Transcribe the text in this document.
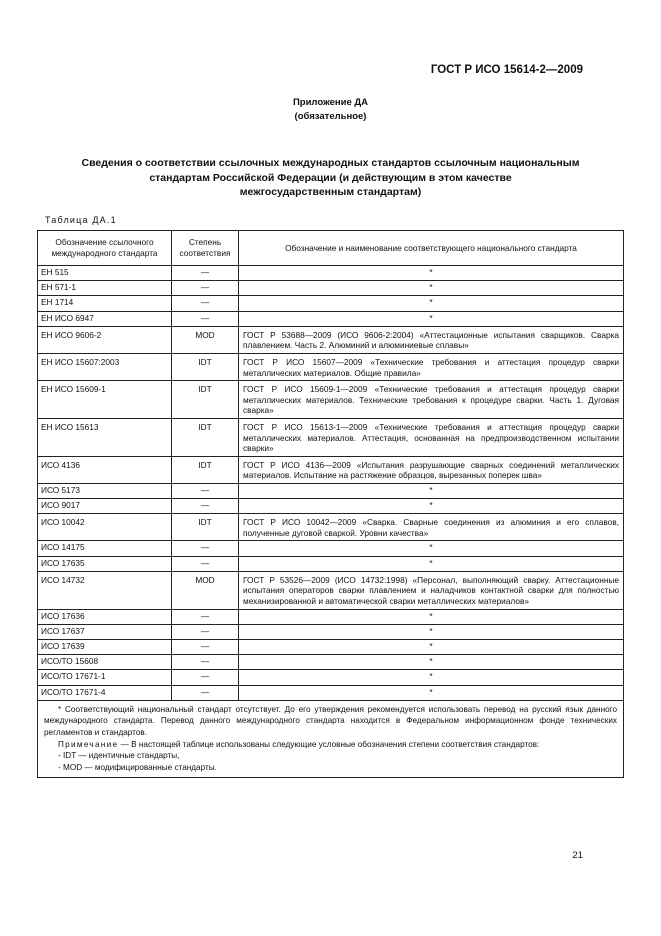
ГОСТ Р ИСО 15614-2—2009
Приложение ДА
(обязательное)
Сведения о соответствии ссылочных международных стандартов ссылочным национальным
стандартам Российской Федерации (и действующим в этом качестве
межгосударственным стандартам)
Таблица ДА.1
Обозначение ссылочного международного стандарта	Степень соответствия	Обозначение и наименование соответствующего национального стандарта
ЕН 515	—	*
ЕН 571-1	—	*
ЕН 1714	—	*
ЕН ИСО 6947	—	*
ЕН ИСО 9606-2	MOD	ГОСТ Р 53688—2009 (ИСО 9606-2:2004) «Аттестационные испытания сварщиков. Сварка плавлением. Часть 2. Алюминий и алюминиевые сплавы»
ЕН ИСО 15607:2003	IDT	ГОСТ Р ИСО 15607—2009 «Технические требования и аттестация процедур сварки металлических материалов. Общие правила»
ЕН ИСО 15609-1	IDT	ГОСТ Р ИСО 15609-1—2009 «Технические требования и аттестация процедур сварки металлических материалов. Технические требования к процедуре сварки. Часть 1. Дуговая сварка»
ЕН ИСО 15613	IDT	ГОСТ Р ИСО 15613-1—2009 «Технические требования и аттестация процедур сварки металлических материалов. Аттестация, основанная на предпроизводственном испытании сварки»
ИСО 4136	IDT	ГОСТ Р ИСО 4136—2009 «Испытания разрушающие сварных соединений металлических материалов. Испытание на растяжение образцов, вырезанных поперек шва»
ИСО 5173	—	*
ИСО 9017	—	*
ИСО 10042	IDT	ГОСТ Р ИСО 10042—2009 «Сварка. Сварные соединения из алюминия и его сплавов, полученные дуговой сваркой. Уровни качества»
ИСО 14175	—	*
ИСО 17635	—	*
ИСО 14732	MOD	ГОСТ Р 53526—2009 (ИСО 14732:1998) «Персонал, выполняющий сварку. Аттестационные испытания операторов сварки плавлением и наладчиков контактной сварки для полностью механизированной и автоматической сварки металлических материалов»
ИСО 17636	—	*
ИСО 17637	—	*
ИСО 17639	—	*
ИСО/ТО 15608	—	*
ИСО/ТО 17671-1	—	*
ИСО/ТО 17671-4	—	*

* Соответствующий национальный стандарт отсутствует. До его утверждения рекомендуется использовать перевод на русский язык данного международного стандарта. Перевод данного международного стандарта находится в Федеральном информационном фонде технических регламентов и стандартов.

Примечание — В настоящей таблице использованы следующие условные обозначения степени соответствия стандартов:

- IDT — идентичные стандарты,

- MOD — модифицированные стандарты.		

21
